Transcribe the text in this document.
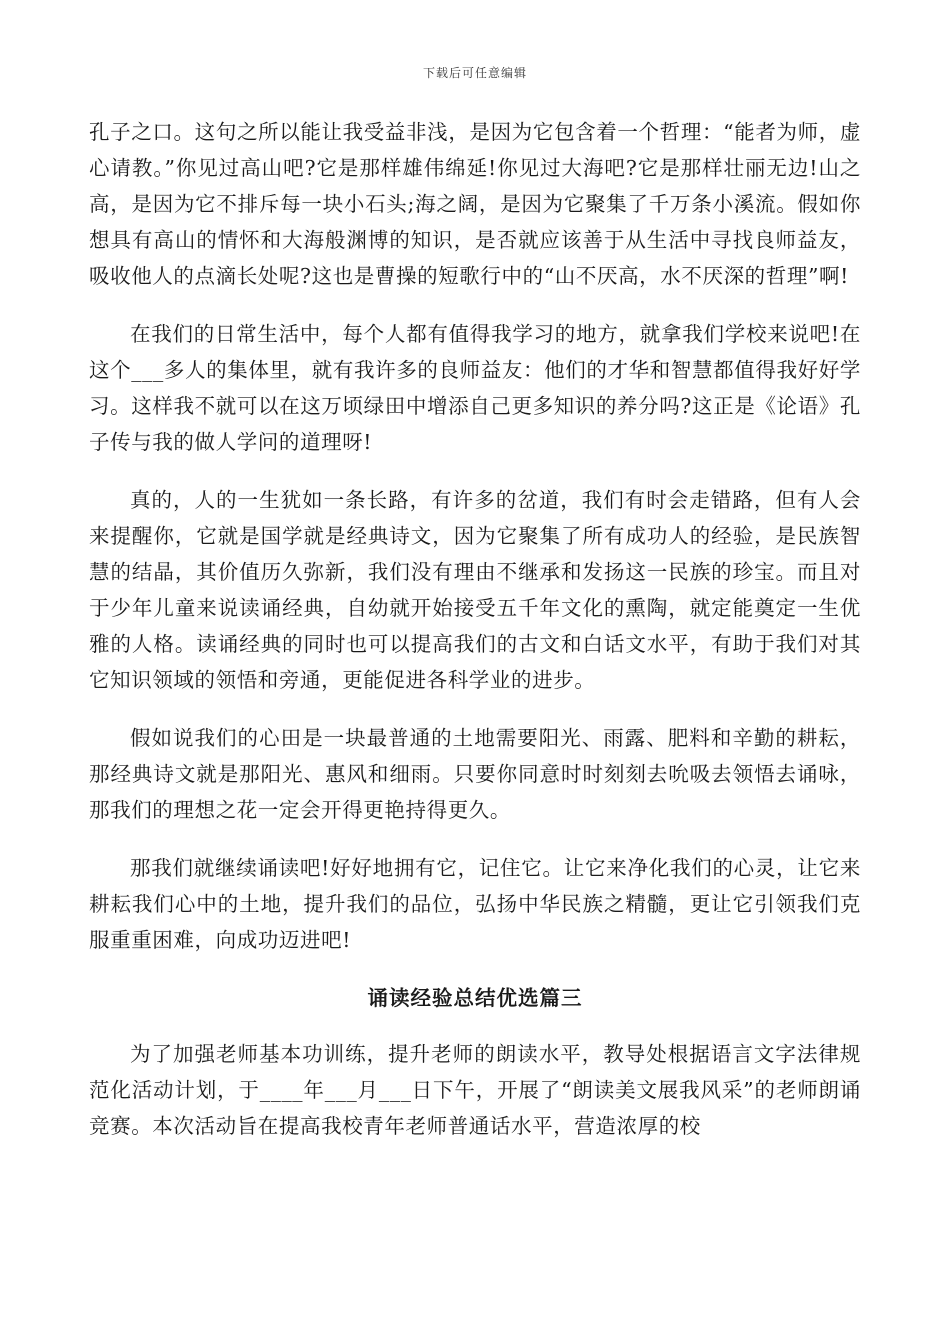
下载后可任意编辑

孔子之口。这句之所以能让我受益非浅，是因为它包含着一个哲理：“能者为师，虚心请教。”你见过高山吧?它是那样雄伟绵延!你见过大海吧?它是那样壮丽无边!山之高，是因为它不排斥每一块小石头;海之阔，是因为它聚集了千万条小溪流。假如你想具有高山的情怀和大海般渊博的知识，是否就应该善于从生活中寻找良师益友，吸收他人的点滴长处呢?这也是曹操的短歌行中的“山不厌高，水不厌深的哲理”啊!

在我们的日常生活中，每个人都有值得我学习的地方，就拿我们学校来说吧!在这个___多人的集体里，就有我许多的良师益友：他们的才华和智慧都值得我好好学习。这样我不就可以在这万顷绿田中增添自己更多知识的养分吗?这正是《论语》孔子传与我的做人学问的道理呀!

真的，人的一生犹如一条长路，有许多的岔道，我们有时会走错路，但有人会来提醒你，它就是国学就是经典诗文，因为它聚集了所有成功人的经验，是民族智慧的结晶，其价值历久弥新，我们没有理由不继承和发扬这一民族的珍宝。而且对于少年儿童来说读诵经典，自幼就开始接受五千年文化的熏陶，就定能奠定一生优雅的人格。读诵经典的同时也可以提高我们的古文和白话文水平，有助于我们对其它知识领域的领悟和旁通，更能促进各科学业的进步。

假如说我们的心田是一块最普通的土地需要阳光、雨露、肥料和辛勤的耕耘，那经典诗文就是那阳光、惠风和细雨。只要你同意时时刻刻去吮吸去领悟去诵咏，那我们的理想之花一定会开得更艳持得更久。

那我们就继续诵读吧!好好地拥有它，记住它。让它来净化我们的心灵，让它来耕耘我们心中的土地，提升我们的品位，弘扬中华民族之精髓，更让它引领我们克服重重困难，向成功迈进吧!

诵读经验总结优选篇三

为了加强老师基本功训练，提升老师的朗读水平，教导处根据语言文字法律规范化活动计划，于____年___月___日下午，开展了“朗读美文展我风采”的老师朗诵竞赛。本次活动旨在提高我校青年老师普通话水平，营造浓厚的校
